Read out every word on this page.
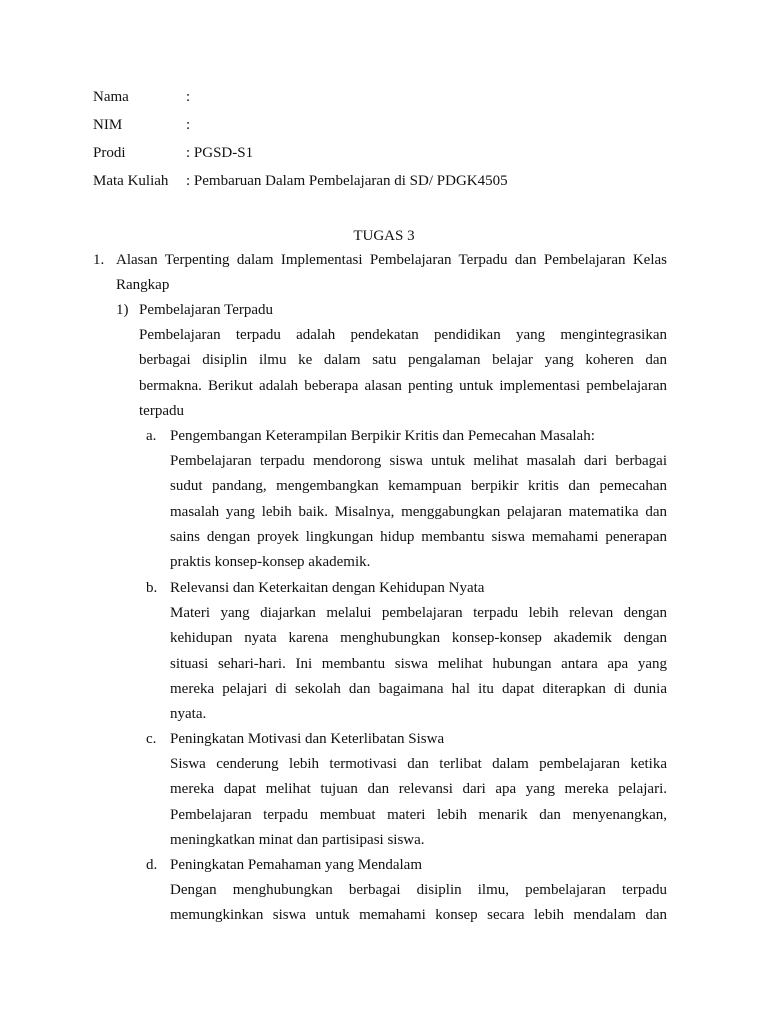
Nama	:
NIM	:
Prodi	: PGSD-S1
Mata Kuliah : Pembaruan Dalam Pembelajaran di SD/ PDGK4505
TUGAS 3
1. Alasan Terpenting dalam Implementasi Pembelajaran Terpadu dan Pembelajaran Kelas
Rangkap
1) Pembelajaran Terpadu
Pembelajaran terpadu adalah pendekatan pendidikan yang mengintegrasikan
berbagai disiplin ilmu ke dalam satu pengalaman belajar yang koheren dan
bermakna. Berikut adalah beberapa alasan penting untuk implementasi pembelajaran
terpadu
a. Pengembangan Keterampilan Berpikir Kritis dan Pemecahan Masalah:
Pembelajaran terpadu mendorong siswa untuk melihat masalah dari berbagai
sudut pandang, mengembangkan kemampuan berpikir kritis dan pemecahan
masalah yang lebih baik. Misalnya, menggabungkan pelajaran matematika dan
sains dengan proyek lingkungan hidup membantu siswa memahami penerapan
praktis konsep-konsep akademik.
b. Relevansi dan Keterkaitan dengan Kehidupan Nyata
Materi yang diajarkan melalui pembelajaran terpadu lebih relevan dengan
kehidupan nyata karena menghubungkan konsep-konsep akademik dengan
situasi sehari-hari. Ini membantu siswa melihat hubungan antara apa yang
mereka pelajari di sekolah dan bagaimana hal itu dapat diterapkan di dunia
nyata.
c. Peningkatan Motivasi dan Keterlibatan Siswa
Siswa cenderung lebih termotivasi dan terlibat dalam pembelajaran ketika
mereka dapat melihat tujuan dan relevansi dari apa yang mereka pelajari.
Pembelajaran terpadu membuat materi lebih menarik dan menyenangkan,
meningkatkan minat dan partisipasi siswa.
d. Peningkatan Pemahaman yang Mendalam
Dengan menghubungkan berbagai disiplin ilmu, pembelajaran terpadu
memungkinkan siswa untuk memahami konsep secara lebih mendalam dan
